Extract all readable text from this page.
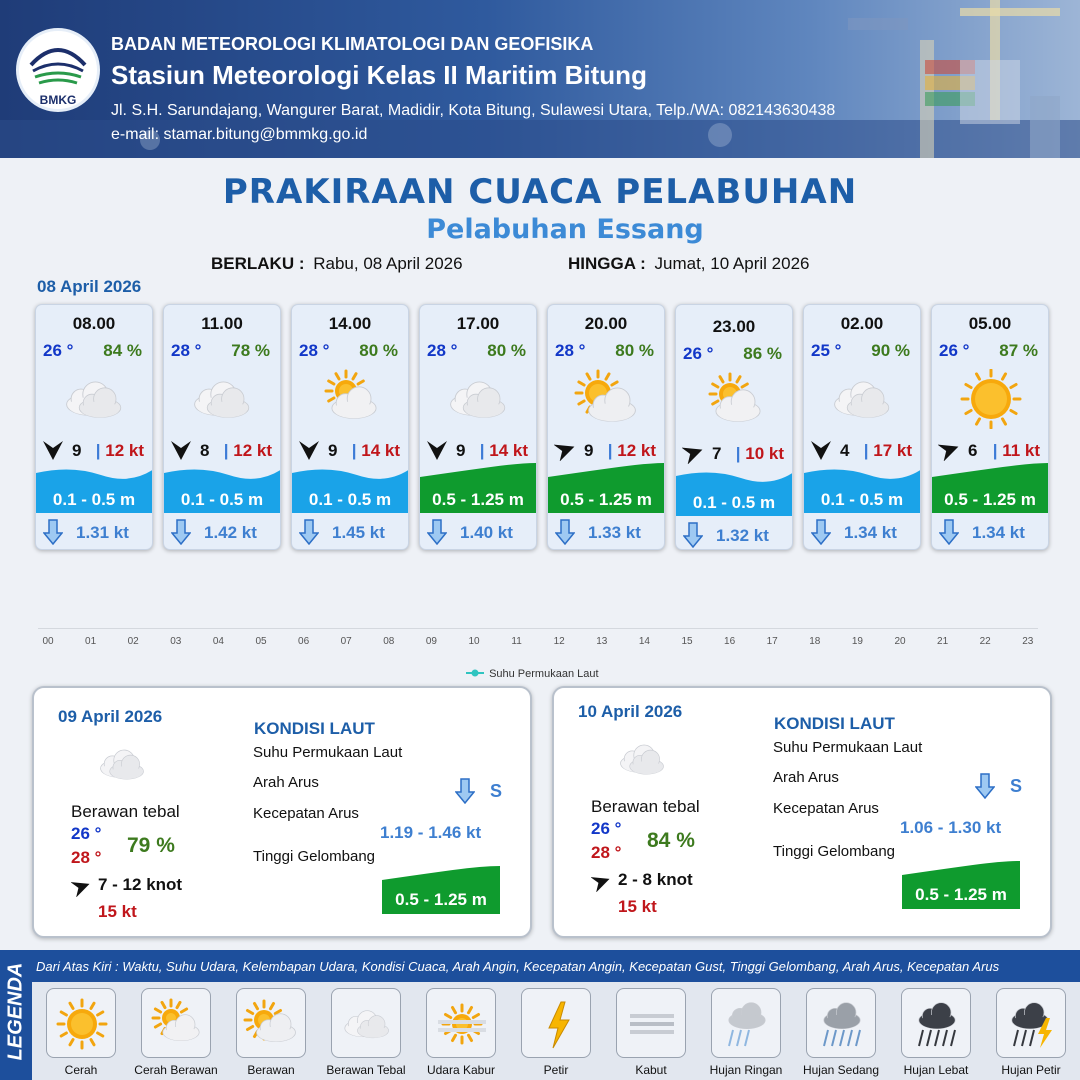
BMKG
BADAN METEOROLOGI KLIMATOLOGI DAN GEOFISIKA
Stasiun Meteorologi Kelas II Maritim Bitung
Jl. S.H. Sarundajang, Wangurer Barat, Madidir, Kota Bitung, Sulawesi Utara, Telp./WA: 082143630438
e-mail: stamar.bitung@bmmkg.go.id
PRAKIRAAN CUACA PELABUHAN
Pelabuhan Essang
BERLAKU : Rabu, 08 April 2026	HINGGA : Jumat, 10 April 2026
08 April 2026
08.00
26 ° 84 %
9 | 12 kt
0.1 - 0.5 m
1.31 kt
11.00
28 ° 78 %
8 | 12 kt
0.1 - 0.5 m
1.42 kt
14.00
28 ° 80 %
9 | 14 kt
0.1 - 0.5 m
1.45 kt
17.00
28 ° 80 %
9 | 14 kt
0.5 - 1.25 m
1.40 kt
20.00
28 ° 80 %
9 | 12 kt
0.5 - 1.25 m
1.33 kt
23.00
26 ° 86 %
7 | 10 kt
0.1 - 0.5 m
1.32 kt
02.00
25 ° 90 %
4 | 17 kt
0.1 - 0.5 m
1.34 kt
05.00
26 ° 87 %
6 | 11 kt
0.5 - 1.25 m
1.34 kt
00	01	02	03	04	05	06	07	08	09	10	11	12	13	14	15	16	17	18	19	20	21	22	23
Suhu Permukaan Laut
09 April 2026
Berawan tebal
26 °
28 °
79 %
7 - 12 knot
15 kt
KONDISI LAUT
Suhu Permukaan Laut
Arah Arus	S
Kecepatan Arus
1.19 - 1.46 kt
Tinggi Gelombang
0.5 - 1.25 m
10 April 2026
Berawan tebal
26 °
28 °
84 %
2 - 8 knot
15 kt
KONDISI LAUT
Suhu Permukaan Laut
Arah Arus	S
Kecepatan Arus
1.06 - 1.30 kt
Tinggi Gelombang
0.5 - 1.25 m
LEGENDA Dari Atas Kiri : Waktu, Suhu Udara, Kelembapan Udara, Kondisi Cuaca, Arah Angin, Kecepatan Angin, Kecepatan Gust, Tinggi Gelombang, Arah Arus, Kecepatan Arus
Cerah	Cerah Berawan	Berawan	Berawan Tebal	Udara Kabur	Petir	Kabut	Hujan Ringan	Hujan Sedang	Hujan Lebat	Hujan Petir
